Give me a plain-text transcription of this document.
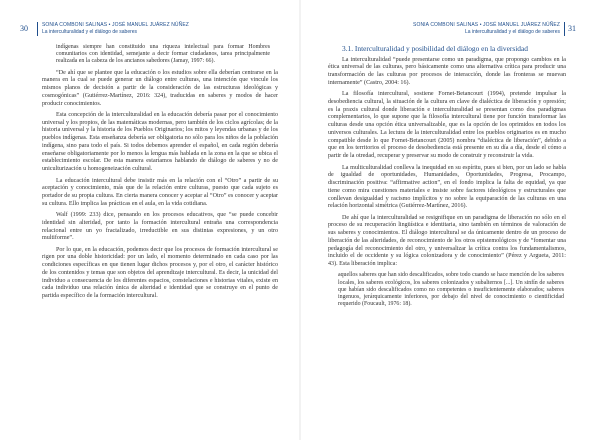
30	SONIA COMBONI SALINAS • JOSÉ MANUEL JUÁREZ NÚÑEZ
La interculturalidad y el diálogo de saberes
indígenas siempre han constituido una riqueza intelectual para formar Hombres comunitarios con identidad, semejante a decir formar ciudadanos, tarea principalmente realizada en la cabeza de los ancianos sabedores (Jamay, 1997: 66).

“De ahí que se plantee que la educación o los estudios sobre ella deberían centrarse en la manera en la cual se puede generar un diálogo entre culturas, una intención que vincule los mismos planos de decisión a partir de la consideración de las estructuras ideológicas y cosmogónicas” (Gutiérrez-Martínez, 2016: 324), traducidas en saberes y modos de hacer producir conocimientos.

Esta concepción de la interculturalidad en la educación debería pasar por el conocimiento universal y los propios, de las matemáticas modernas, pero también de los ciclos agrícolas; de la historia universal y la historia de los Pueblos Originarios; los mitos y leyendas urbanas y de los pueblos indígenas. Esta enseñanza debería ser obligatoria no sólo para los niños de la población indígena, sino para todo el país. Si todos debemos aprender el español, en cada región debería enseñarse obligatoriamente por lo menos la lengua más hablada en la zona en la que se ubica el establecimiento escolar. De esta manera estaríamos hablando de diálogo de saberes y no de uniculturización u homogeneización cultural.

La educación intercultural debe insistir más en la relación con el “Otro” a partir de su aceptación y conocimiento, más que de la relación entre culturas, puesto que cada sujeto es portador de su propia cultura. En cierta manera conocer y aceptar al “Otro” es conocer y aceptar su cultura. Ello implica las prácticas en el aula, en la vida cotidiana.

Walf (1999: 233) dice, pensando en los procesos educativos, que “se puede concebir identidad sin alteridad, por tanto la formación intercultural entraña una correspondencia relacional entre un yo fractalizado, irreductible en sus distintas expresiones, y un otro multiforme”.

Por lo que, en la educación, podemos decir que los procesos de formación intercultural se rigen por una doble historicidad: por un lado, el momento determinado en cada caso por las condiciones específicas en que tienen lugar dichos procesos y, por el otro, el carácter histórico de los contenidos y temas que son objetos del aprendizaje intercultural. Es decir, la unicidad del individuo a consecuencia de los diferentes espacios, constelaciones e historias vitales, existe en cada individuo una relación única de alteridad e identidad que se construye en el punto de partida específico de la formación intercultural.

SONIA COMBONI SALINAS • JOSÉ MANUEL JUÁREZ NÚÑEZ
La interculturalidad y el diálogo de saberes 31

3.1. Interculturalidad y posibilidad del diálogo en la diversidad

La interculturalidad “puede presentarse como un paradigma, que propongo cambios en la ética universal de las culturas, pero básicamente como una alternativa crítica para producir una transformación de las culturas por procesos de interacción, donde las fronteras se muevan internamente” (Castro, 2004: 16).

La filosofía intercultural, sostiene Fornet-Betancourt (1994), pretende impulsar la desobediencia cultural, la situación de la cultura en clave de dialéctica de liberación y opresión; es la praxis cultural donde liberación e interculturalidad se presentan como dos paradigmas complementarios, lo que supone que la filosofía intercultural tiene por función transformar las culturas desde una opción ética universalizable, que es la opción de los oprimidos en todos los universos culturales. La lectura de la interculturalidad entre los pueblos originarios es en mucho compatible desde lo que Fornet-Betancourt (2005) nombra “dialéctica de liberación”, debido a que en los territorios el proceso de desobediencia está presente en su día a día, desde el cómo a partir de la otredad, recuperar y preservar su modo de construir y reconstruir la vida.

La multiculturalidad conlleva la inequidad en su espíritu, pues si bien, por un lado se habla de igualdad de oportunidades, Humanidades, Oportunidades, Progresa, Procampo, discriminación positiva: “affirmative action”, en el fondo implica la falta de equidad, ya que tiene como mira cuestiones materiales e insiste sobre factores ideológicos y estructurales que conllevan desigualdad y racismo implícitos y no sobre la equiparación de las culturas en una relación horizontal simétrica (Gutiérrez-Martínez, 2016).

De ahí que la interculturalidad se resignifique en un paradigma de liberación no sólo en el proceso de su recuperación lingüística e identitaria, sino también en términos de valoración de sus saberes y conocimientos. El diálogo intercultural se da únicamente dentro de un proceso de liberación de las alteridades, de reconocimiento de los otros epistemológicos y de “fomentar una pedagogía del reconocimiento del otro, y universalizar la crítica contra los fundamentalismos, incluido el de occidente y su lógica colonizadora y de conocimiento” (Pérez y Argueta, 2011: 43). Esta liberación implica:

aquellos saberes que han sido descalificados, sobre todo cuando se hace mención de los saberes locales, los saberes ecológicos, los saberes colonizados y subalternos [...]. Un sinfín de saberes que habían sido descalificados como no competentes o insuficientemente elaborados; saberes ingenuos, jerárquicamente inferiores, por debajo del nivel de conocimiento o cientificidad requerido (Foucault, 1976: 18).
